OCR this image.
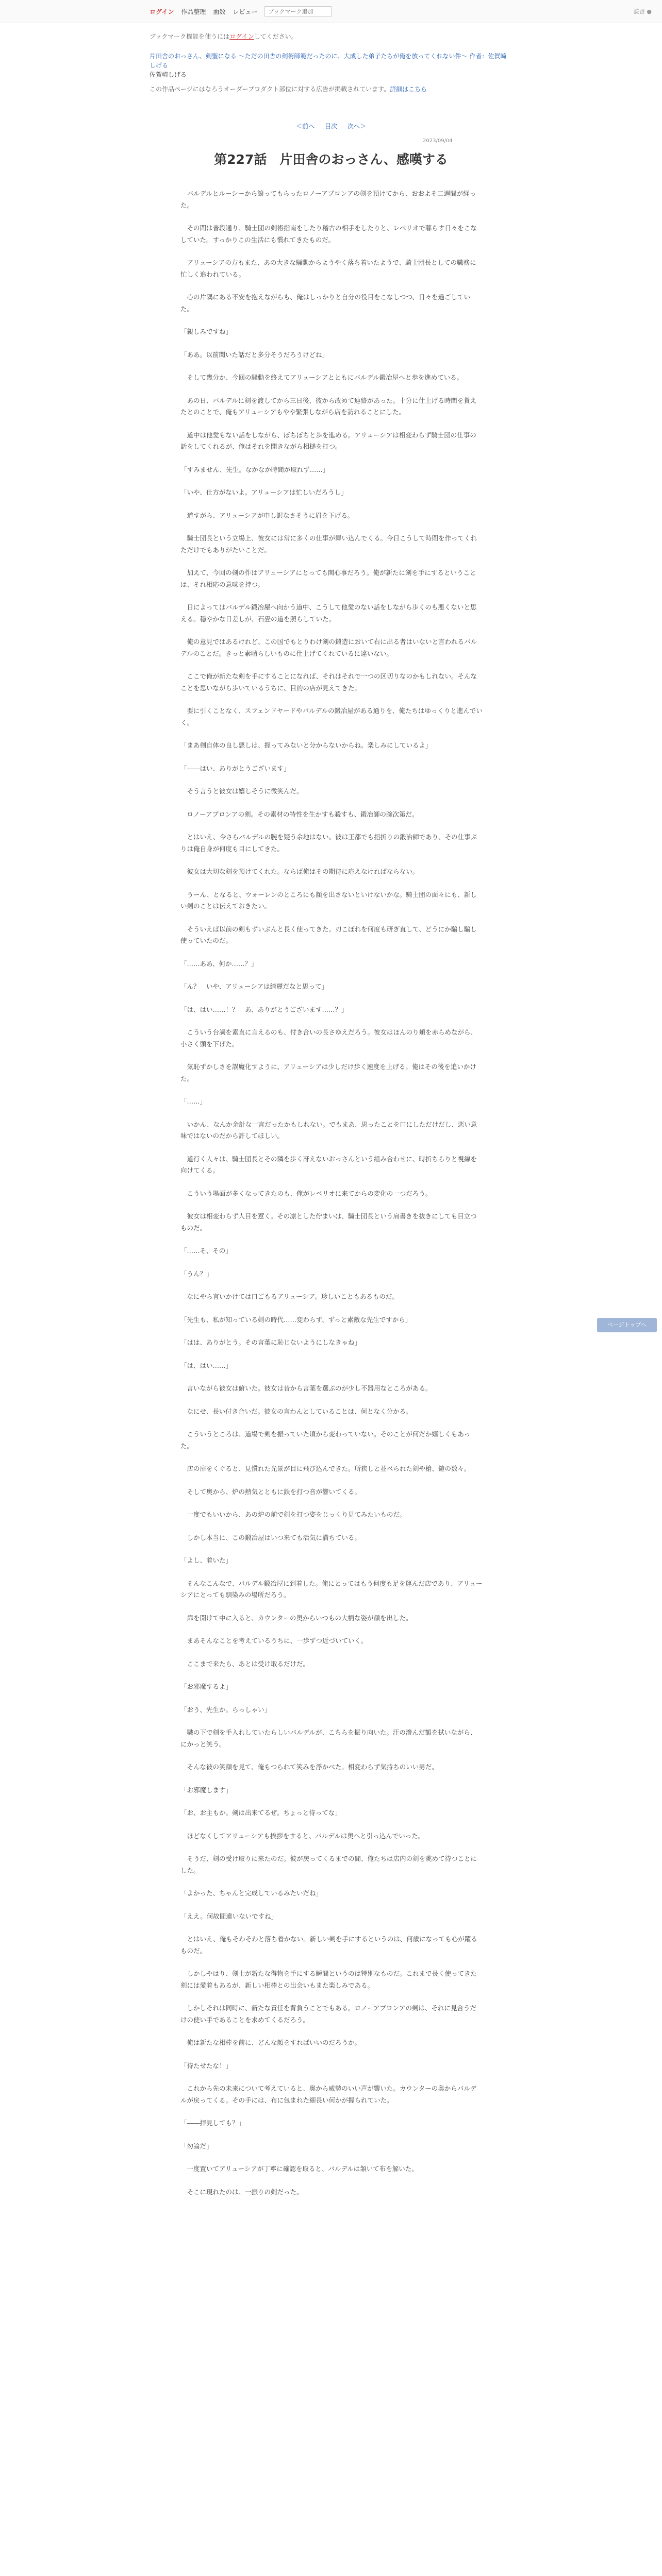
ログイン 作品整理 面数 レビュー
ブックマーク追加	読書 ●
ブックマーク機能を使うにはログインしてください。
片田舎のおっさん、剣聖になる ～ただの田舎の剣術師範だったのに、大成した弟子たちが俺を放ってくれない件～ 作者：佐賀崎しげる
佐賀崎しげる
この作品ページにはなろうオーダープロダクト部位に対する広告が掲載されています。詳細はこちら
＜前へ 目次 次へ＞
2023/09/04
第227話　片田舎のおっさん、感嘆する

　バルデルとルーシーから譲ってもらったロノーアブロンアの剣を預けてから、おおよそ二週間が経った。

　その間は普段通り、騎士団の剣術指南をしたり稽古の相手をしたりと、レベリオで暮らす日々をこなしていた。すっかりこの生活にも慣れてきたものだ。

　アリューシアの方もまた、あの大きな騒動からようやく落ち着いたようで、騎士団長としての職務に忙しく追われている。

　心の片隅にある不安を抱えながらも、俺はしっかりと自分の役目をこなしつつ、日々を過ごしていた。

「親しみですね」

「ああ。以前聞いた話だと多分そうだろうけどね」

　そして幾分か、今回の騒動を終えてアリューシアとともにバルデル鍛冶屋へと歩を進めている。

　あの日、バルデルに剣を渡してから三日後、彼から改めて連絡があった。十分に仕上げる時間を貰えたとのことで、俺もアリューシアもやや緊張しながら店を訪れることにした。

　道中は他愛もない話をしながら、ぼちぼちと歩を進める。アリューシアは相変わらず騎士団の仕事の話をしてくれるが、俺はそれを聞きながら相槌を打つ。

「すみません、先生。なかなか時間が取れず……」

「いや、仕方がないよ。アリューシアは忙しいだろうし」

　道すがら、アリューシアが申し訳なさそうに眉を下げる。

　騎士団長という立場上、彼女には常に多くの仕事が舞い込んでくる。今日こうして時間を作ってくれただけでもありがたいことだ。

　加えて、今回の剣の件はアリューシアにとっても関心事だろう。俺が新たに剣を手にするということは、それ相応の意味を持つ。

　日によってはバルデル鍛冶屋へ向かう道中、こうして他愛のない話をしながら歩くのも悪くないと思える。穏やかな日差しが、石畳の道を照らしていた。

　俺の意見ではあるけれど、この国でもとりわけ剣の鍛造において右に出る者はいないと言われるバルデルのことだ。きっと素晴らしいものに仕上げてくれているに違いない。

　ここで俺が新たな剣を手にすることになれば、それはそれで一つの区切りなのかもしれない。そんなことを思いながら歩いているうちに、目的の店が見えてきた。

　要に引くことなく、スフェンドヤードやバルデルの鍛冶屋がある通りを、俺たちはゆっくりと進んでいく。

「まあ剣自体の良し悪しは、握ってみないと分からないからね。楽しみにしているよ」

「――はい、ありがとうございます」

　そう言うと彼女は嬉しそうに微笑んだ。

　ロノーアブロンアの剣。その素材の特性を生かすも殺すも、鍛冶師の腕次第だ。

　とはいえ、今さらバルデルの腕を疑う余地はない。彼は王都でも指折りの鍛冶師であり、その仕事ぶりは俺自身が何度も目にしてきた。

　彼女は大切な剣を預けてくれた。ならば俺はその期待に応えなければならない。

　うーん、となると、ウォーレンのところにも顔を出さないといけないかな。騎士団の面々にも、新しい剣のことは伝えておきたい。

　そういえば以前の剣もずいぶんと長く使ってきた。刃こぼれを何度も研ぎ直して、どうにか騙し騙し使っていたのだ。

「……ああ、何か……？」

「ん？　いや、アリューシアは綺麗だなと思って」

「は、はい……！？　あ、ありがとうございます……？」

　こういう台詞を素直に言えるのも、付き合いの長さゆえだろう。彼女はほんのり頬を赤らめながら、小さく頭を下げた。

　気恥ずかしさを誤魔化すように、アリューシアは少しだけ歩く速度を上げる。俺はその後を追いかけた。

「……」

　いかん、なんか余計な一言だったかもしれない。でもまあ、思ったことを口にしただけだし、悪い意味ではないのだから許してほしい。

　道行く人々は、騎士団長とその隣を歩く冴えないおっさんという組み合わせに、時折ちらりと視線を向けてくる。

　こういう場面が多くなってきたのも、俺がレベリオに来てからの変化の一つだろう。

　彼女は相変わらず人目を惹く。その凛とした佇まいは、騎士団長という肩書きを抜きにしても目立つものだ。

「……そ、その」

「うん？」

　なにやら言いかけては口ごもるアリューシア。珍しいこともあるものだ。

「先生も、私が知っている剣の時代……変わらず、ずっと素敵な先生ですから」

「はは、ありがとう。その言葉に恥じないようにしなきゃね」

「は、はい……」

　言いながら彼女は俯いた。彼女は昔から言葉を選ぶのが少し不器用なところがある。

　なにせ、長い付き合いだ。彼女の言わんとしていることは、何となく分かる。

　こういうところは、道場で剣を振っていた頃から変わっていない。そのことが何だか嬉しくもあった。

　店の扉をくぐると、見慣れた光景が目に飛び込んできた。所狭しと並べられた剣や槍、鎧の数々。

　そして奥から、炉の熱気とともに鉄を打つ音が響いてくる。

　一度でもいいから、あの炉の前で剣を打つ姿をじっくり見てみたいものだ。

　しかし本当に、この鍛冶屋はいつ来ても活気に満ちている。

「よし、着いた」

　そんなこんなで、バルデル鍛冶屋に到着した。俺にとってはもう何度も足を運んだ店であり、アリューシアにとっても馴染みの場所だろう。

　扉を開けて中に入ると、カウンターの奥からいつもの大柄な姿が顔を出した。

　まあそんなことを考えているうちに、一歩ずつ近づいていく。

　ここまで来たら、あとは受け取るだけだ。

「お邪魔するよ」

「おう、先生か。らっしゃい」

　職の下で剣を手入れしていたらしいバルデルが、こちらを振り向いた。汗の滲んだ額を拭いながら、にかっと笑う。

　そんな彼の笑顔を見て、俺もつられて笑みを浮かべた。相変わらず気持ちのいい男だ。

「お邪魔します」

「お、お主もか。剣は出来てるぜ。ちょっと待ってな」

　ほどなくしてアリューシアも挨拶をすると、バルデルは奥へと引っ込んでいった。

　そうだ、剣の受け取りに来たのだ。彼が戻ってくるまでの間、俺たちは店内の剣を眺めて待つことにした。

「よかった、ちゃんと完成しているみたいだね」

「ええ。何故間違いないですね」

　とはいえ、俺もそわそわと落ち着かない。新しい剣を手にするというのは、何歳になっても心が躍るものだ。

　しかしやはり、剣士が新たな得物を手にする瞬間というのは特別なものだ。これまで長く使ってきた剣には愛着もあるが、新しい相棒との出会いもまた楽しみである。

　しかしそれは同時に、新たな責任を背負うことでもある。ロノーアブロンアの剣は、それに見合うだけの使い手であることを求めてくるだろう。

　俺は新たな相棒を前に、どんな顔をすればいいのだろうか。

「待たせたな！」

　これから先の未来について考えていると、奥から威勢のいい声が響いた。カウンターの奥からバルデルが戻ってくる。その手には、布に包まれた細長い何かが握られていた。

「――拝見しても？」

「勿論だ」

　一度置いてアリューシアが丁寧に確認を取ると、バルデルは頷いて布を解いた。

　そこに現れたのは、一振りの剣だった。

ページトップへ
